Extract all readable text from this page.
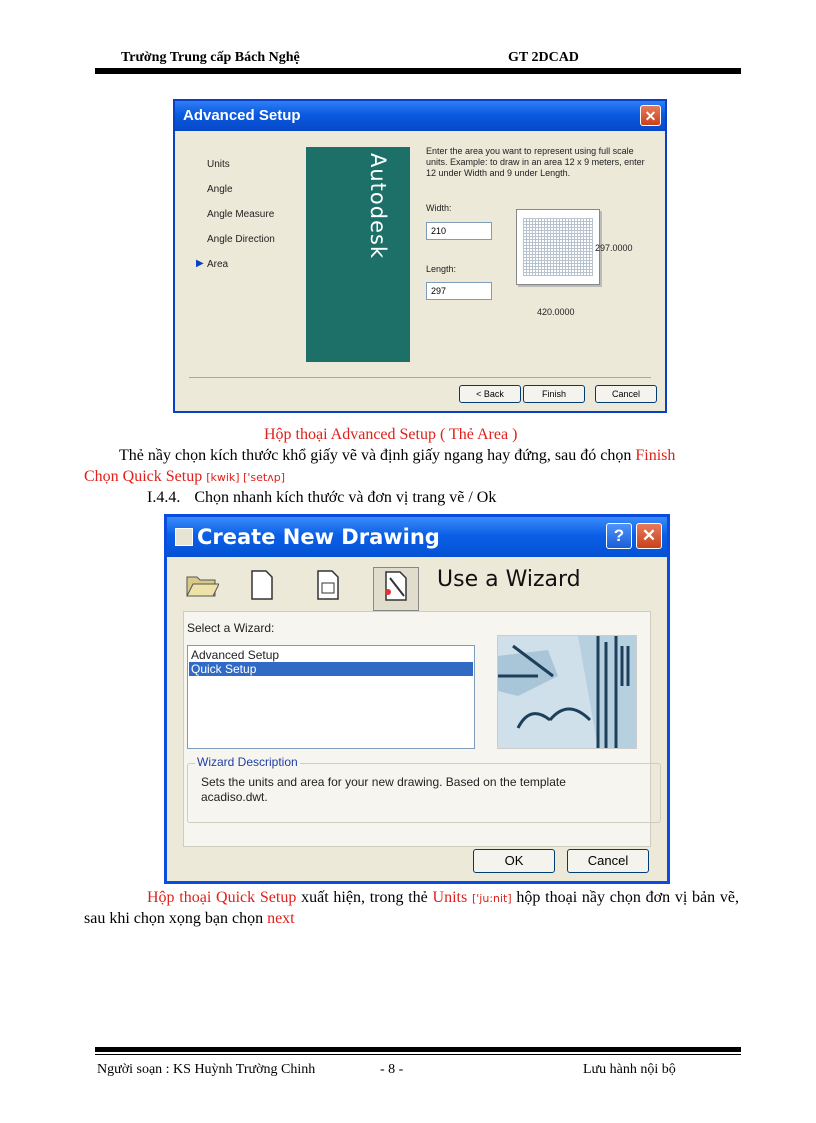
Trường Trung cấp Bách Nghệ	GT 2DCAD
Advanced Setup	✕
Units
Angle
Angle Measure
Angle Direction
▶ Area
Autodesk
Enter the area you want to represent using full scale units. Example: to draw in an area 12 x 9 meters, enter 12 under Width and 9 under Length.
Width:
210
Length:
297
297.0000
420.0000
< Back	Finish	Cancel
Hộp thoại Advanced Setup ( Thẻ Area )
Thẻ nầy chọn kích thước khổ giấy vẽ và định giấy ngang hay đứng, sau đó chọn Finish
Chọn Quick Setup [kwik] ['setʌp]
I.4.4. Chọn nhanh kích thước và đơn vị trang vẽ / Ok
Create New Drawing	?	✕
Use a Wizard
Select a Wizard:
Advanced Setup
Quick Setup
Wizard Description
Sets the units and area for your new drawing. Based on the template acadiso.dwt.
OK	Cancel
Hộp thoại Quick Setup xuất hiện, trong thẻ Units ['ju:nit] hộp thoại nầy chọn đơn vị bản vẽ, sau khi chọn xọng bạn chọn next
Người soạn : KS Huỳnh Trường Chinh	- 8 -	Lưu hành nội bộ
